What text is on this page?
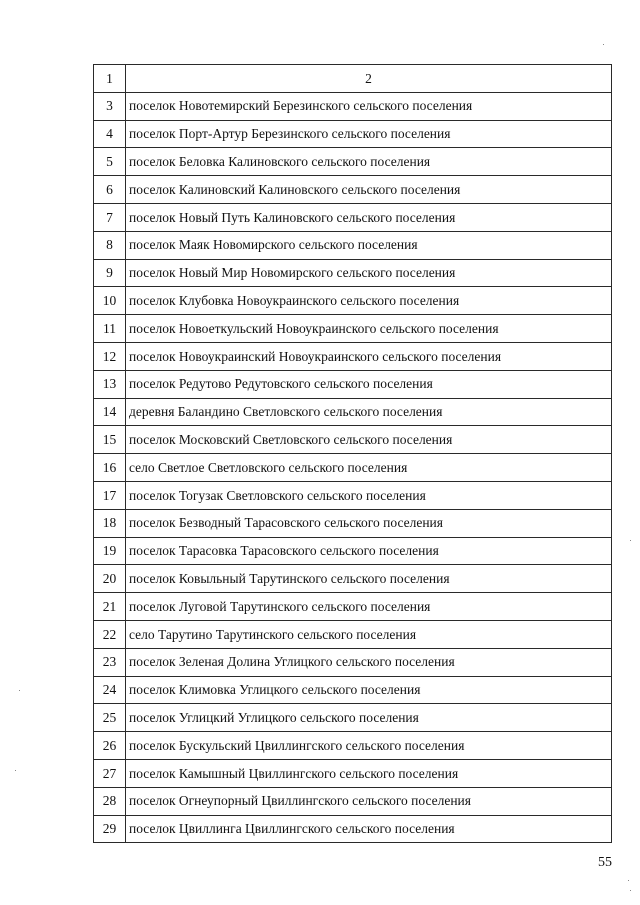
1	2
3	поселок Новотемирский Березинского сельского поселения
4	поселок Порт-Артур Березинского сельского поселения
5	поселок Беловка Калиновского сельского поселения
6	поселок Калиновский Калиновского сельского поселения
7	поселок Новый Путь Калиновского сельского поселения
8	поселок Маяк Новомирского сельского поселения
9	поселок Новый Мир Новомирского сельского поселения
10	поселок Клубовка Новоукраинского сельского поселения
11	поселок Новоеткульский Новоукраинского сельского поселения
12	поселок Новоукраинский Новоукраинского сельского поселения
13	поселок Редутово Редутовского сельского поселения
14	деревня Баландино Светловского сельского поселения
15	поселок Московский Светловского сельского поселения
16	село Светлое Светловского сельского поселения
17	поселок Тогузак Светловского сельского поселения
18	поселок Безводный Тарасовского сельского поселения
19	поселок Тарасовка Тарасовского сельского поселения
20	поселок Ковыльный Тарутинского сельского поселения
21	поселок Луговой Тарутинского сельского поселения
22	село Тарутино Тарутинского сельского поселения
23	поселок Зеленая Долина Углицкого сельского поселения
24	поселок Климовка Углицкого сельского поселения
25	поселок Углицкий Углицкого сельского поселения
26	поселок Бускульский Цвиллингского сельского поселения
27	поселок Камышный Цвиллингского сельского поселения
28	поселок Огнеупорный Цвиллингского сельского поселения
29	поселок Цвиллинга Цвиллингского сельского поселения
55
